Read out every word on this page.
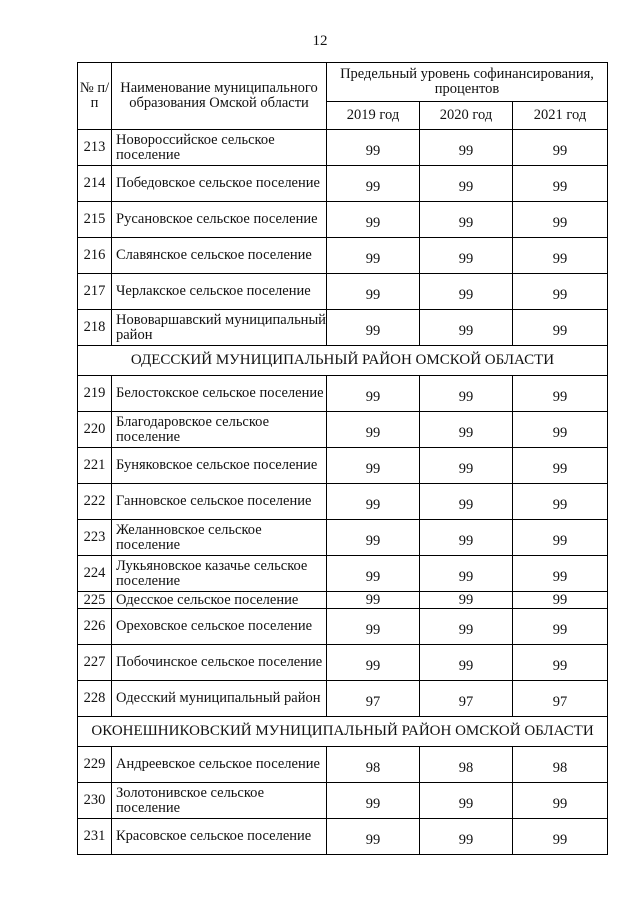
12
№ п/п	Наименование муниципального образования Омской области	Предельный уровень софинансирования, процентов		
		2019 год	2020 год	2021 год
213	Новороссийское сельское поселение	99	99	99
214	Победовское сельское поселение	99	99	99
215	Русановское сельское поселение	99	99	99
216	Славянское сельское поселение	99	99	99
217	Черлакское сельское поселение	99	99	99
218	Нововаршавский муниципальный район	99	99	99
ОДЕССКИЙ МУНИЦИПАЛЬНЫЙ РАЙОН ОМСКОЙ ОБЛАСТИ				
219	Белостокское сельское поселение	99	99	99
220	Благодаровское сельское поселение	99	99	99
221	Буняковское сельское поселение	99	99	99
222	Ганновское сельское поселение	99	99	99
223	Желанновское сельское поселение	99	99	99
224	Лукьяновское казачье сельское поселение	99	99	99
225	Одесское сельское поселение	99	99	99
226	Ореховское сельское поселение	99	99	99
227	Побочинское сельское поселение	99	99	99
228	Одесский муниципальный район	97	97	97
ОКОНЕШНИКОВСКИЙ МУНИЦИПАЛЬНЫЙ РАЙОН ОМСКОЙ ОБЛАСТИ				
229	Андреевское сельское поселение	98	98	98
230	Золотонивское сельское поселение	99	99	99
231	Красовское сельское поселение	99	99	99
